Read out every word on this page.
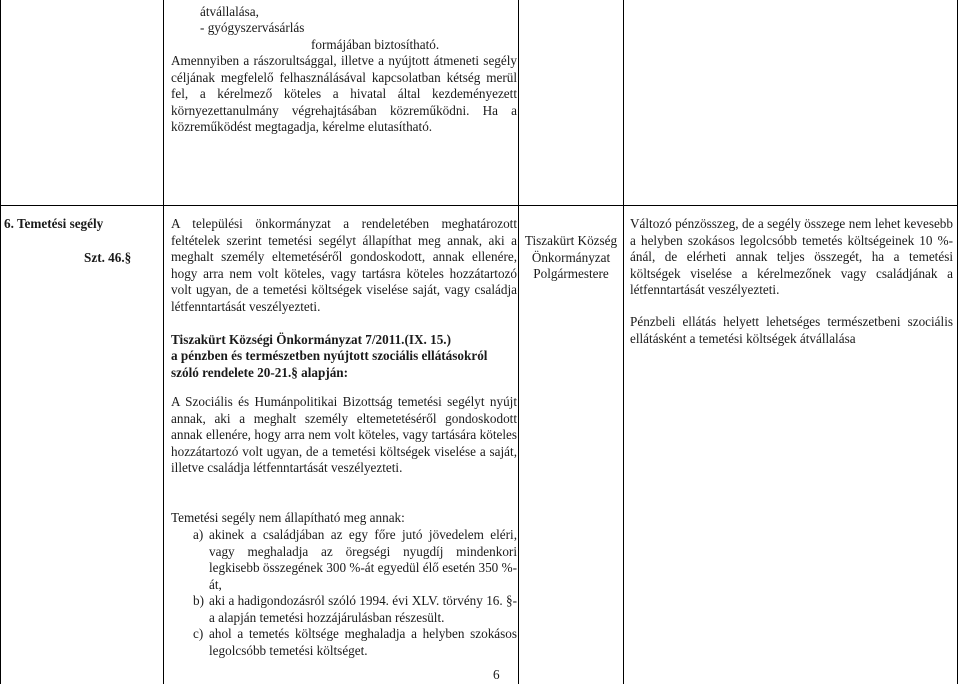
átvállalása,
- gyógyszervásárlás
formájában biztosítható.
Amennyiben a rászorultsággal, illetve a nyújtott átmeneti segély céljának megfelelő felhasználásával kapcsolatban kétség merül fel, a kérelmező köteles a hivatal által kezdeményezett környezettanulmány végrehajtásában közreműködni. Ha a közreműködést megtagadja, kérelme elutasítható.
6. Temetési segély
Szt. 46.§
A települési önkormányzat a rendeletében meghatározott feltételek szerint temetési segélyt állapíthat meg annak, aki a meghalt személy eltemetéséről gondoskodott, annak ellenére, hogy arra nem volt köteles, vagy tartásra köteles hozzátartozó volt ugyan, de a temetési költségek viselése saját, vagy családja létfenntartását veszélyezteti.
Tiszakürt Községi Önkormányzat 7/2011.(IX. 15.)
a pénzben és természetben nyújtott szociális ellátásokról szóló rendelete 20-21.§ alapján:
A Szociális és Humánpolitikai Bizottság temetési segélyt nyújt annak, aki a meghalt személy eltemetetéséről gondoskodott annak ellenére, hogy arra nem volt köteles, vagy tartására köteles hozzátartozó volt ugyan, de a temetési költségek viselése a saját, illetve családja létfenntartását veszélyezteti.
Temetési segély nem állapítható meg annak:
a) akinek a családjában az egy főre jutó jövedelem eléri, vagy meghaladja az öregségi nyugdíj mindenkori legkisebb összegének 300 %-át egyedül élő esetén 350 %-át,
b) aki a hadigondozásról szóló 1994. évi XLV. törvény 16. §-a alapján temetési hozzájárulásban részesült.
c) ahol a temetés költsége meghaladja a helyben szokásos legolcsóbb temetési költséget.
Tiszakürt Község
Önkormányzat
Polgármestere
Változó pénzösszeg, de a segély összege nem lehet kevesebb a helyben szokásos legolcsóbb temetés költségeinek 10 %-ánál, de elérheti annak teljes összegét, ha a temetési költségek viselése a kérelmezőnek vagy családjának a létfenntartását veszélyezteti.
Pénzbeli ellátás helyett lehetséges természetbeni szociális ellátásként a temetési költségek átvállalása
6
